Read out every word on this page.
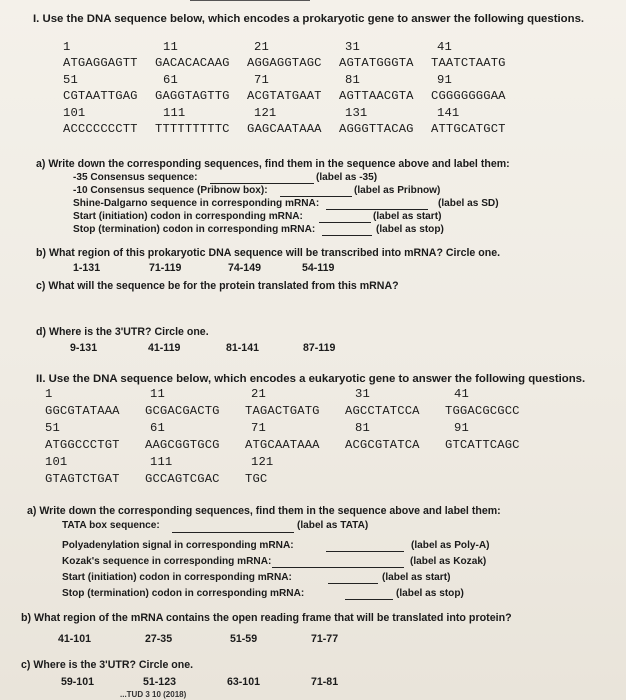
I. Use the DNA sequence below, which encodes a prokaryotic gene to answer the following questions.
1	11	21	31	41
ATGAGGAGTT GACACACAAG AGGAGGTAGC AGTATGGGTA TAATCTAATG
51	61	71	81	91
CGTAATTGAG GAGGTAGTTG ACGTATGAAT AGTTAACGTA CGGGGGGGAA
101	111	121	131	141
ACCCCCCCTT TTTTTTTTTC GAGCAATAAA AGGGTTACAG ATTGCATGCT
a) Write down the corresponding sequences, find them in the sequence above and label them:
-35 Consensus sequence:	(label as -35)
-10 Consensus sequence (Pribnow box):	(label as Pribnow)
Shine-Dalgarno sequence in corresponding mRNA:	(label as SD)
Start (initiation) codon in corresponding mRNA:	(label as start)
Stop (termination) codon in corresponding mRNA:	(label as stop)
b) What region of this prokaryotic DNA sequence will be transcribed into mRNA? Circle one.
1-131	71-119	74-149	54-119
c) What will the sequence be for the protein translated from this mRNA?
d) Where is the 3'UTR? Circle one.
9-131	41-119	81-141	87-119
II. Use the DNA sequence below, which encodes a eukaryotic gene to answer the following questions.
1	11	21	31	41
GGCGTATAAA GCGACGACTG TAGACTGATG AGCCTATCCA TGGACGCGCC
51	61	71	81	91
ATGGCCCTGT AAGCGGTGCG ATGCAATAAA ACGCGTATCA GTCATTCAGC
101	111	121
GTAGTCTGAT GCCAGTCGAC TGC
a) Write down the corresponding sequences, find them in the sequence above and label them:
TATA box sequence:	(label as TATA)
Polyadenylation signal in corresponding mRNA:	(label as Poly-A)
Kozak's sequence in corresponding mRNA:	(label as Kozak)
Start (initiation) codon in corresponding mRNA:	(label as start)
Stop (termination) codon in corresponding mRNA:	(label as stop)
b) What region of the mRNA contains the open reading frame that will be translated into protein?
41-101	27-35	51-59	71-77
c) Where is the 3'UTR? Circle one.
59-101	51-123	63-101	71-81
...TUD 3 10 (2018)
